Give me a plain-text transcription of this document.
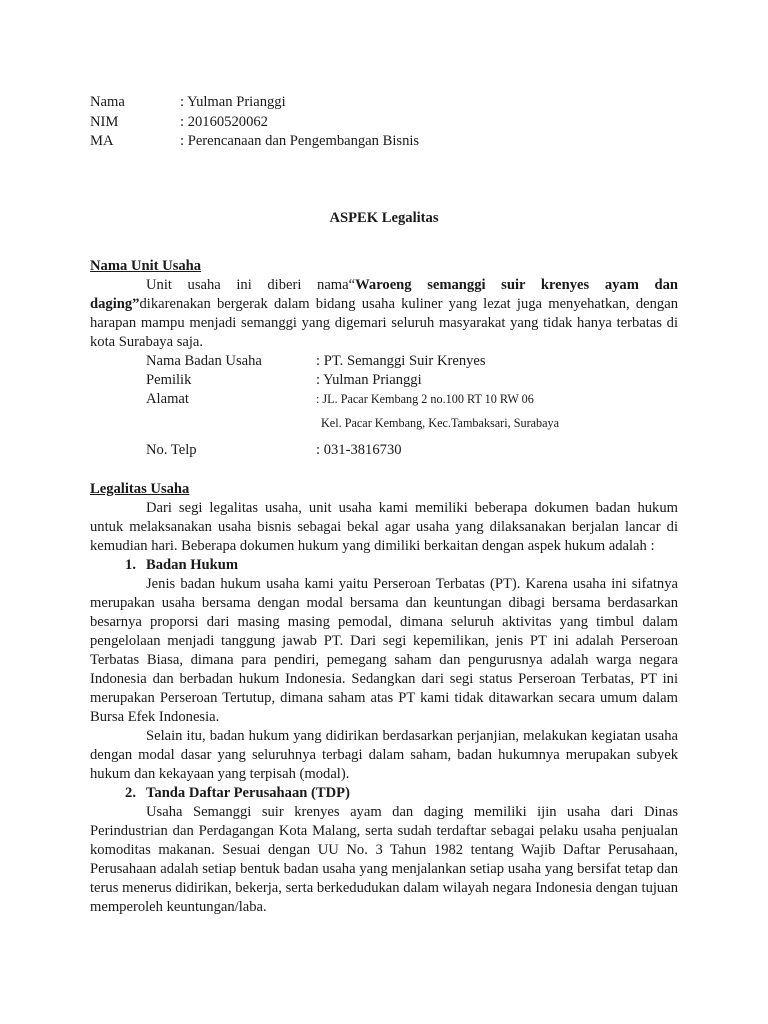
Nama	: Yulman Prianggi
NIM	: 20160520062
MA	: Perencanaan dan Pengembangan Bisnis
ASPEK Legalitas
Nama Unit Usaha
Unit usaha ini diberi nama“Waroeng semanggi suir krenyes ayam dan daging”dikarenakan bergerak dalam bidang usaha kuliner yang lezat juga menyehatkan, dengan harapan mampu menjadi semanggi yang digemari seluruh masyarakat yang tidak hanya terbatas di kota Surabaya saja.
Nama Badan Usaha	: PT. Semanggi Suir Krenyes
Pemilik	: Yulman Prianggi
Alamat	: JL. Pacar Kembang 2 no.100 RT 10 RW 06
Kel. Pacar Kembang, Kec.Tambaksari, Surabaya
No. Telp	: 031-3816730
Legalitas Usaha
Dari segi legalitas usaha, unit usaha kami memiliki beberapa dokumen badan hukum untuk melaksanakan usaha bisnis sebagai bekal agar usaha yang dilaksanakan berjalan lancar di kemudian hari. Beberapa dokumen hukum yang dimiliki berkaitan dengan aspek hukum adalah :
1. Badan Hukum
Jenis badan hukum usaha kami yaitu Perseroan Terbatas (PT). Karena usaha ini sifatnya merupakan usaha bersama dengan modal bersama dan keuntungan dibagi bersama berdasarkan besarnya proporsi dari masing masing pemodal, dimana seluruh aktivitas yang timbul dalam pengelolaan menjadi tanggung jawab PT. Dari segi kepemilikan, jenis PT ini adalah Perseroan Terbatas Biasa, dimana para pendiri, pemegang saham dan pengurusnya adalah warga negara Indonesia dan berbadan hukum Indonesia. Sedangkan dari segi status Perseroan Terbatas, PT ini merupakan Perseroan Tertutup, dimana saham atas PT kami tidak ditawarkan secara umum dalam Bursa Efek Indonesia.
Selain itu, badan hukum yang didirikan berdasarkan perjanjian, melakukan kegiatan usaha dengan modal dasar yang seluruhnya terbagi dalam saham, badan hukumnya merupakan subyek hukum dan kekayaan yang terpisah (modal).
2. Tanda Daftar Perusahaan (TDP)
Usaha Semanggi suir krenyes ayam dan daging memiliki ijin usaha dari Dinas Perindustrian dan Perdagangan Kota Malang, serta sudah terdaftar sebagai pelaku usaha penjualan komoditas makanan. Sesuai dengan UU No. 3 Tahun 1982 tentang Wajib Daftar Perusahaan, Perusahaan adalah setiap bentuk badan usaha yang menjalankan setiap usaha yang bersifat tetap dan terus menerus didirikan, bekerja, serta berkedudukan dalam wilayah negara Indonesia dengan tujuan memperoleh keuntungan/laba.
